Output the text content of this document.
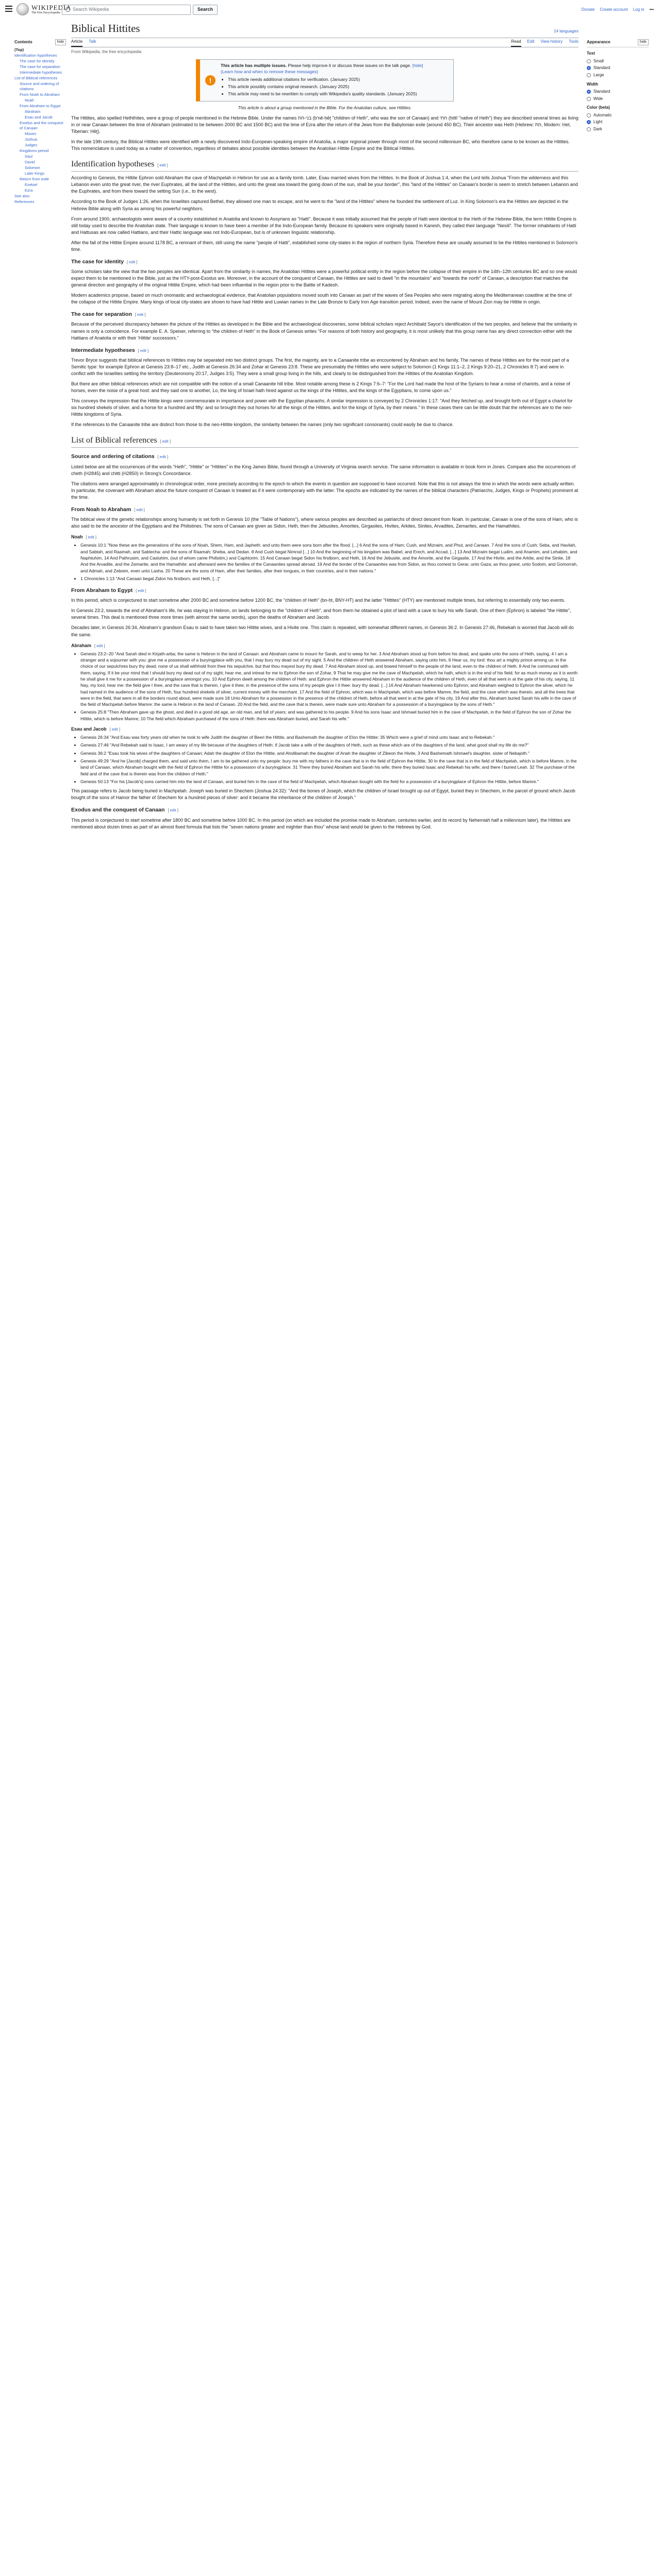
WIKIPEDIA
The Free Encyclopedia
Search Wikipedia	Search	Donate Create account Log in •••
Contents	hide
(Top)
Identification hypotheses
The case for identity
The case for separation
Intermediate hypotheses
List of Biblical references
Source and ordering of citations
From Noah to Abraham
Noah
From Abraham to Egypt
Abraham
Esau and Jacob
Exodus and the conquest of Canaan
Moses
Joshua
Judges
Kingdoms period
Saul
David
Solomon
Later Kings
Return from exile
Ezekiel
Ezra
See also
References
Appearance	hide
Text
Small
Standard
Large
Width
Standard
Wide
Color (beta)
Automatic
Light
Dark
Biblical Hittites	14 languages
Article Talk	Read Edit View history Tools
From Wikipedia, the free encyclopedia
!
This article has multiple issues. Please help improve it or discuss these issues on the talk page. [hide]
(Learn how and when to remove these messages)
• This article needs additional citations for verification. (January 2025)
• This article possibly contains original research. (January 2025)
• This article may need to be rewritten to comply with Wikipedia's quality standards. (January 2025)
This article is about a group mentioned in the Bible. For the Anatolian culture, see Hittites.

The Hittites, also spelled Heththites, were a group of people mentioned in the Hebrew Bible. Under the names בני-חת (b'nê-ḥēṯ "children of Heth", who was the son of Canaan) and חתי (ḥittî "native of Heth") they are described several times as living in or near Canaan between the time of Abraham (estimated to be between 2000 BC and 1500 BC) and the time of Ezra after the return of the Jews from the Babylonian exile (around 450 BC). Their ancestor was Heth (Hebrew: חת, Modern: Ḥet, Tiberian: Ḥēṯ).

In the late 19th century, the Biblical Hittites were identified with a newly discovered Indo-European-speaking empire of Anatolia, a major regional power through most of the second millennium BC, who therefore came to be known as the Hittites. This nomenclature is used today as a matter of convention, regardless of debates about possible identities between the Anatolian Hittite Empire and the Biblical Hittites.

Identification hypotheses [ edit ]

According to Genesis, the Hittite Ephron sold Abraham the cave of Machpelah in Hebron for use as a family tomb. Later, Esau married wives from the Hittites. In the Book of Joshua 1:4, when the Lord tells Joshua "From the wilderness and this Lebanon even unto the great river, the river Euphrates, all the land of the Hittites, and unto the great sea toward the going down of the sun, shall be your border", this "land of the Hittites" on Canaan's border is seem to stretch between Lebanon and the Euphrates, and from there toward the setting Sun (i.e., to the west).

According to the Book of Judges 1:26, when the Israelites captured Bethel, they allowed one man to escape, and he went to the "land of the Hittites" where he founded the settlement of Luz. In King Solomon's era the Hittites are depicted in the Hebrew Bible along with Syria as among his powerful neighbors.

From around 1900, archaeologists were aware of a country established in Anatolia and known to Assyrians as "Hatti". Because it was initially assumed that the people of Hatti were identical to the Heth of the Hebrew Bible, the term Hittite Empire is still today used to describe the Anatolian state. Their language is known to have been a member of the Indo-European family. Because its speakers were originally based in Kanesh, they called their language "Nesili". The former inhabitants of Hatti and Hattusas are now called Hattians, and their Hattic language was not Indo-European, but is of unknown linguistic relationship.

After the fall of the Hittite Empire around 1178 BC, a remnant of them, still using the name "people of Hatti", established some city-states in the region of northern Syria. Therefore these are usually assumed to be the Hittites mentioned in Solomon's time.

The case for identity [ edit ]

Some scholars take the view that the two peoples are identical. Apart from the similarity in names, the Anatolian Hittites were a powerful political entity in the region before the collapse of their empire in the 14th–12th centuries BC and so one would expect them to be mentioned in the Bible, just as the HTY-post-Exodus are. Moreover, in the account of the conquest of Canaan, the Hittites are said to dwell "in the mountains" and "towards the north" of Canaan, a description that matches the general direction and geography of the original Hittite Empire, which had been influential in the region prior to the Battle of Kadesh.

Modern academics propose, based on much onomastic and archaeological evidence, that Anatolian populations moved south into Canaan as part of the waves of Sea Peoples who were migrating along the Mediterranean coastline at the time of the collapse of the Hittite Empire. Many kings of local city-states are shown to have had Hittite and Luwian names in the Late Bronze to Early Iron Age transition period. Indeed, even the name of Mount Zion may be Hittite in origin.

The case for separation [ edit ]

Because of the perceived discrepancy between the picture of the Hittites as developed in the Bible and the archaeological discoveries, some biblical scholars reject Archibald Sayce's identification of the two peoples, and believe that the similarity in names is only a coincidence. For example E. A. Speiser, referring to "the children of Heth" in the Book of Genesis writes "For reasons of both history and geography, it is most unlikely that this group name has any direct connection either with the Hattians of Anatolia or with their 'Hittite' successors."

Intermediate hypotheses [ edit ]

Trevor Bryce suggests that biblical references to Hittites may be separated into two distinct groups. The first, the majority, are to a Canaanite tribe as encountered by Abraham and his family. The names of these Hittites are for the most part of a Semitic type: for example Ephron at Genesis 23:8–17 etc., Judith at Genesis 26:34 and Zohar at Genesis 23:8. These are presumably the Hittites who were subject to Solomon (1 Kings 11:1–2, 2 Kings 9:20–21, 2 Chronicles 8:7) and were in conflict with the Israelites settling the territory (Deuteronomy 20:17, Judges 3:5). They were a small group living in the hills, and clearly to be distinguished from the Hittites of the Anatolian Kingdom.

But there are other biblical references which are not compatible with the notion of a small Canaanite hill tribe. Most notable among these is 2 Kings 7:6–7: "For the Lord had made the host of the Syrians to hear a noise of chariots, and a noise of horses, even the noise of a great host: and they said one to another, Lo, the king of Israel hath hired against us the kings of the Hittites, and the kings of the Egyptians, to come upon us."

This conveys the impression that the Hittite kings were commensurate in importance and power with the Egyptian pharaohs. A similar impression is conveyed by 2 Chronicles 1:17: "And they fetched up, and brought forth out of Egypt a chariot for six hundred shekels of silver, and a horse for a hundred and fifty: and so brought they out horses for all the kings of the Hittites, and for the kings of Syria, by their means." In these cases there can be little doubt that the references are to the neo-Hittite kingdoms of Syria.

If the references to the Canaanite tribe are distinct from those to the neo-Hittite kingdom, the similarity between the names (only two significant consonants) could easily be due to chance.

List of Biblical references [ edit ]
Source and ordering of citations [ edit ]

Listed below are all the occurrences of the words "Heth", "Hittite" or "Hittites" in the King James Bible, found through a University of Virginia search service. The same information is available in book form in Jones. Compare also the occurrences of cheth (H2845) and chitti (H2850) in Strong's Concordance.

The citations were arranged approximately in chronological order, more precisely according to the epoch to which the events in question are supposed to have occurred. Note that this is not always the time in which the words were actually written. In particular, the covenant with Abraham about the future conquest of Canaan is treated as if it were contemporary with the latter. The epochs are indicated by the names of the biblical characters (Patriarchs, Judges, Kings or Prophets) prominent at the time.

From Noah to Abraham [ edit ]

The biblical view of the genetic relationships among humanity is set forth in Genesis 10 (the "Table of Nations"), where various peoples are described as patriarchs of direct descent from Noah. In particular, Canaan is one of the sons of Ham, who is also said to be the ancestor of the Egyptians and the Philistines. The sons of Canaan are given as Sidon, Heth, then the Jebusites, Amorites, Girgasites, Hivites, Arkites, Sinites, Arvadites, Zemarites, and the Hamathites.

Noah [ edit ]
• Genesis 10:1 "Now these are the generations of the sons of Noah, Shem, Ham, and Japheth: and unto them were sons born after the flood. [...] 6 And the sons of Ham; Cush, and Mizraim, and Phut, and Canaan. 7 And the sons of Cush; Seba, and Havilah, and Sabtah, and Raamah, and Sabtecha: and the sons of Raamah; Sheba, and Dedan. 8 And Cush begat Nimrod [...] 10 And the beginning of his kingdom was Babel, and Erech, and Accad, [...] 13 And Mizraim begat Ludim, and Anamim, and Lehabim, and Naphtuhim, 14 And Pathrusim, and Casluhim, (out of whom came Philistim,) and Caphtorim. 15 And Canaan begat Sidon his firstborn, and Heth, 16 And the Jebusite, and the Amorite, and the Girgasite, 17 And the Hivite, and the Arkite, and the Sinite, 18 And the Arvadite, and the Zemarite, and the Hamathite: and afterward were the families of the Canaanites spread abroad. 19 And the border of the Canaanites was from Sidon, as thou comest to Gerar, unto Gaza; as thou goest, unto Sodom, and Gomorrah, and Admah, and Zeboim, even unto Lasha. 20 These are the sons of Ham, after their families, after their tongues, in their countries, and in their nations."
• 1 Chronicles 1:13 "And Canaan begat Zidon his firstborn, and Heth, [...]"
From Abraham to Egypt [ edit ]

In this period, which is conjectured to start sometime after 2000 BC and sometime before 1200 BC, the "children of Heth" (bn-ḥt, BNY-HT) and the latter "Hittites" (HTY) are mentioned multiple times, but referring to essentially only two events.

In Genesis 23:2, towards the end of Abraham's life, he was staying in Hebron, on lands belonging to the "children of Heth", and from them he obtained a plot of land with a cave to bury his wife Sarah. One of them (Ephron) is labeled "the Hittite", several times. This deal is mentioned three more times (with almost the same words), upon the deaths of Abraham and Jacob.

Decades later, in Genesis 26:34, Abraham's grandson Esau is said to have taken two Hittite wives, and a Hivite one. This claim is repeated, with somewhat different names, in Genesis 36:2. In Genesis 27:46, Rebekah is worried that Jacob will do the same.

Abraham [ edit ]
• Genesis 23:2–20 "And Sarah died in Kirjath-arba; the same is Hebron in the land of Canaan: and Abraham came to mourn for Sarah, and to weep for her. 3 And Abraham stood up from before his dead, and spake unto the sons of Heth, saying, 4 I am a stranger and a sojourner with you: give me a possession of a buryingplace with you, that I may bury my dead out of my sight. 5 And the children of Heth answered Abraham, saying unto him, 6 Hear us, my lord: thou art a mighty prince among us: in the choice of our sepulchres bury thy dead; none of us shall withhold from thee his sepulchre, but that thou mayest bury thy dead. 7 And Abraham stood up, and bowed himself to the people of the land, even to the children of Heth. 8 And he communed with them, saying, If it be your mind that I should bury my dead out of my sight; hear me, and intreat for me to Ephron the son of Zohar, 9 That he may give me the cave of Machpelah, which he hath, which is in the end of his field; for as much money as it is worth he shall give it me for a possession of a buryingplace amongst you. 10 And Ephron dwelt among the children of Heth: and Ephron the Hittite answered Abraham in the audience of the children of Heth, even of all that went in at the gate of his city, saying, 11 Nay, my lord, hear me: the field give I thee, and the cave that is therein, I give it thee; in the presence of the sons of my people give I it thee: bury thy dead. [...] 16 And Abraham hearkened unto Ephron; and Abraham weighed to Ephron the silver, which he had named in the audience of the sons of Heth, four hundred shekels of silver, current money with the merchant. 17 And the field of Ephron, which was in Machpelah, which was before Mamre, the field, and the cave which was therein, and all the trees that were in the field, that were in all the borders round about, were made sure 18 Unto Abraham for a possession in the presence of the children of Heth, before all that went in at the gate of his city. 19 And after this, Abraham buried Sarah his wife in the cave of the field of Machpelah before Mamre: the same is Hebron in the land of Canaan. 20 And the field, and the cave that is therein, were made sure unto Abraham for a possession of a buryingplace by the sons of Heth."
• Genesis 25:8 "Then Abraham gave up the ghost, and died in a good old age, an old man, and full of years; and was gathered to his people. 9 And his sons Isaac and Ishmael buried him in the cave of Machpelah, in the field of Ephron the son of Zohar the Hittite, which is before Mamre; 10 The field which Abraham purchased of the sons of Heth: there was Abraham buried, and Sarah his wife."
Esau and Jacob [ edit ]
• Genesis 26:34 "And Esau was forty years old when he took to wife Judith the daughter of Beeri the Hittite, and Bashemath the daughter of Elon the Hittite: 35 Which were a grief of mind unto Isaac and to Rebekah."
• Genesis 27:46 "And Rebekah said to Isaac, I am weary of my life because of the daughters of Heth: if Jacob take a wife of the daughters of Heth, such as these which are of the daughters of the land, what good shall my life do me?"
• Genesis 36:2 "Esau took his wives of the daughters of Canaan; Adah the daughter of Elon the Hittite, and Aholibamah the daughter of Anah the daughter of Zibeon the Hivite, 3 And Bashemath Ishmael's daughter, sister of Nebajoth."
• Genesis 49:29 "And he [Jacob] charged them, and said unto them, I am to be gathered unto my people: bury me with my fathers in the cave that is in the field of Ephron the Hittite, 30 In the cave that is in the field of Machpelah, which is before Mamre, in the land of Canaan, which Abraham bought with the field of Ephron the Hittite for a possession of a buryingplace. 31 There they buried Abraham and Sarah his wife; there they buried Isaac and Rebekah his wife; and there I buried Leah. 32 The purchase of the field and of the cave that is therein was from the children of Heth."
• Genesis 50:13 "For his [Jacob's] sons carried him into the land of Canaan, and buried him in the cave of the field of Machpelah, which Abraham bought with the field for a possession of a buryingplace of Ephron the Hittite, before Mamre."

This passage refers to Jacob being buried in Machpelah. Joseph was buried in Shechem (Joshua 24:32): "And the bones of Joseph, which the children of Israel brought up out of Egypt, buried they in Shechem, in the parcel of ground which Jacob bought of the sons of Hamor the father of Shechem for a hundred pieces of silver: and it became the inheritance of the children of Joseph."

Exodus and the conquest of Canaan [ edit ]

This period is conjectured to start sometime after 1800 BC and sometime before 1000 BC. In this period (on which are included the promise made to Abraham, centuries earlier, and its record by Nehemiah half a millennium later), the Hittites are mentioned about dozen times as part of an almost fixed formula that lists the "seven nations greater and mightier than thou" whose land would be given to the Hebrews by God.
